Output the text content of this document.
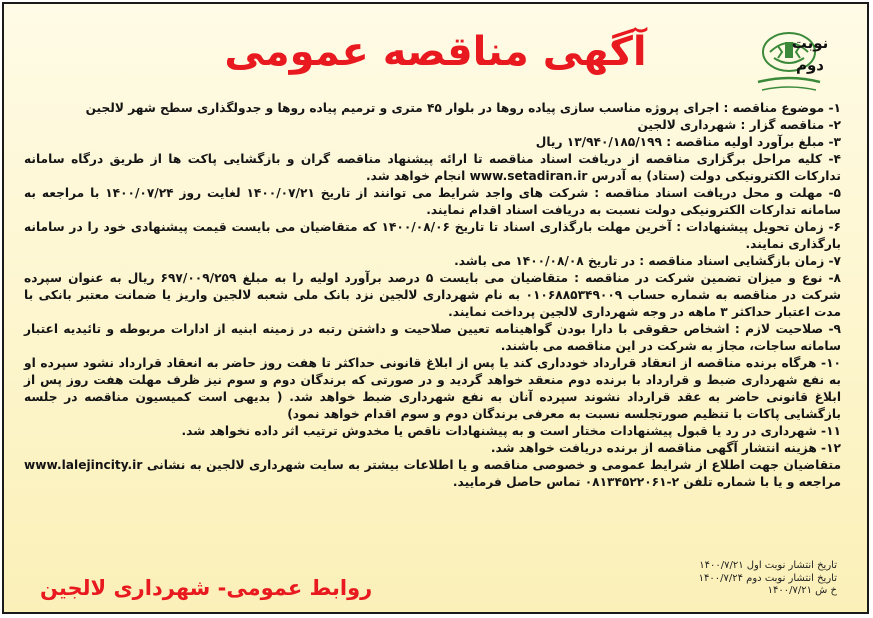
آگهی مناقصه عمومی	نوبت
دوم

۱- موضوع مناقصه : اجرای پروژه مناسب سازی پیاده روها در بلوار ۴۵ متری و ترمیم پیاده روها و جدولگذاری سطح شهر لالجین

۲- مناقصه گزار : شهرداری لالجین

۳- مبلغ برآورد اولیه مناقصه : ۱۳/۹۴۰/۱۸۵/۱۹۹ ریال

۴- کلیه مراحل برگزاری مناقصه از دریافت اسناد مناقصه تا ارائه پیشنهاد مناقصه گران و بازگشایی پاکت ها از طریق درگاه سامانه تدارکات الکترونیکی دولت (ستاد) به آدرس www.setadiran.ir انجام خواهد شد.

۵- مهلت و محل دریافت اسناد مناقصه : شرکت های واجد شرایط می توانند از تاریخ ۱۴۰۰/۰۷/۲۱ لغایت روز ۱۴۰۰/۰۷/۲۴ با مراجعه به سامانه تدارکات الکترونیکی دولت نسبت به دریافت اسناد اقدام نمایند.

۶- زمان تحویل پیشنهادات : آخرین مهلت بارگذاری اسناد تا تاریخ ۱۴۰۰/۰۸/۰۶ که متقاضیان می بایست قیمت پیشنهادی خود را در سامانه بارگذاری نمایند.

۷- زمان بازگشایی اسناد مناقصه : در تاریخ ۱۴۰۰/۰۸/۰۸ می باشد.

۸- نوع و میزان تضمین شرکت در مناقصه : متقاضیان می بایست ۵ درصد برآورد اولیه را به مبلغ ۶۹۷/۰۰۹/۲۵۹ ریال به عنوان سپرده شرکت در مناقصه به شماره حساب ۰۱۰۶۸۸۵۳۴۹۰۰۹ به نام شهرداری لالجین نزد بانک ملی شعبه لالجین واریز یا ضمانت معتبر بانکی با مدت اعتبار حداکثر ۳ ماهه در وجه شهرداری لالجین پرداخت نمایند.

۹- صلاحیت لازم : اشخاص حقوقی با دارا بودن گواهینامه تعیین صلاحیت و داشتن رتبه در زمینه ابنیه از ادارات مربوطه و تائیدیه اعتبار سامانه ساجات، مجاز به شرکت در این مناقصه می باشند.

۱۰- هرگاه برنده مناقصه از انعقاد قرارداد خودداری کند یا پس از ابلاغ قانونی حداکثر تا هفت روز حاضر به انعقاد قرارداد نشود سپرده او به نفع شهرداری ضبط و قرارداد با برنده دوم منعقد خواهد گردید و در صورتی که برندگان دوم و سوم نیز ظرف مهلت هفت روز پس از ابلاغ قانونی حاضر به عقد قرارداد نشوند سپرده آنان به نفع شهرداری ضبط خواهد شد. ( بدیهی است کمیسیون مناقصه در جلسه بازگشایی پاکات با تنظیم صورتجلسه نسبت به معرفی برندگان دوم و سوم اقدام خواهد نمود)

۱۱- شهرداری در رد یا قبول پیشنهادات مختار است و به پیشنهادات ناقص یا مخدوش ترتیب اثر داده نخواهد شد.

۱۲- هزینه انتشار آگهی مناقصه از برنده دریافت خواهد شد.

متقاضیان جهت اطلاع از شرایط عمومی و خصوصی مناقصه و یا اطلاعات بیشتر به سایت شهرداری لالجین به نشانی www.lalejincity.ir مراجعه و یا با شماره تلفن ۲-۰۸۱۳۴۵۲۲۰۶۱ تماس حاصل فرمایید.

تاریخ انتشار نوبت اول ۱۴۰۰/۷/۲۱
تاریخ انتشار نوبت دوم ۱۴۰۰/۷/۲۴
خ ش ۱۴۰۰/۷/۲۱
روابط عمومی- شهرداری لالجین
